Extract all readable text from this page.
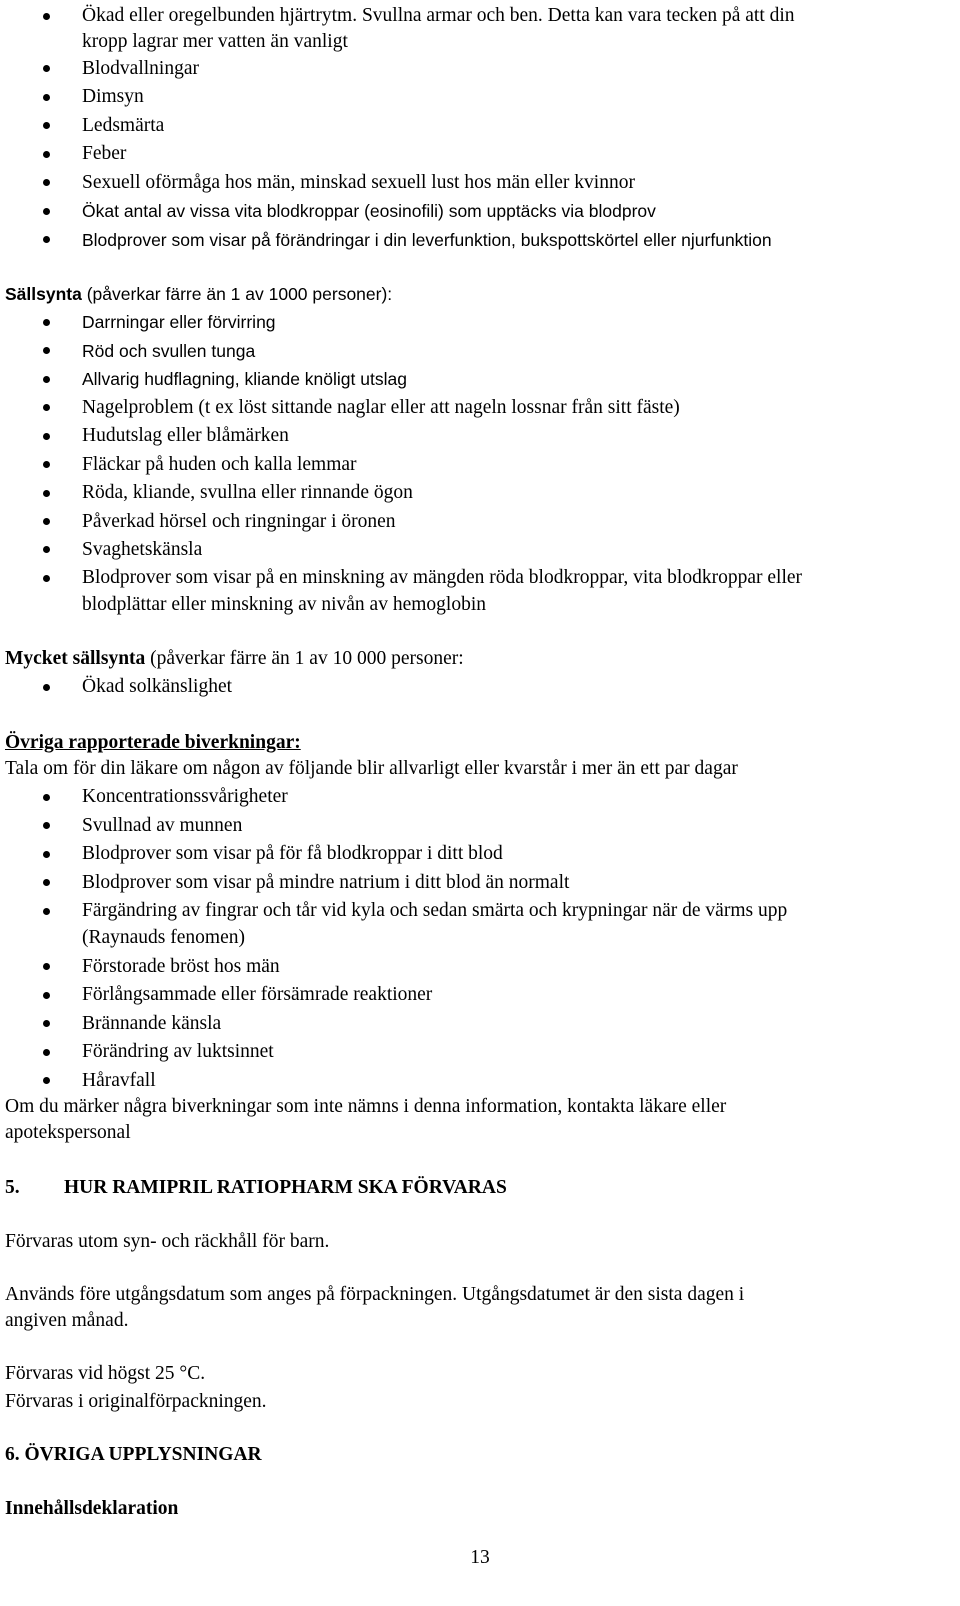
Ökad eller oregelbunden hjärtrytm. Svullna armar och ben. Detta kan vara tecken på att din
kropp lagrar mer vatten än vanligt
Blodvallningar
Dimsyn
Ledsmärta
Feber
Sexuell oförmåga hos män, minskad sexuell lust hos män eller kvinnor
Ökat antal av vissa vita blodkroppar (eosinofili) som upptäcks via blodprov
Blodprover som visar på förändringar i din leverfunktion, bukspottskörtel eller njurfunktion
Sällsynta (påverkar färre än 1 av 1000 personer):
Darrningar eller förvirring
Röd och svullen tunga
Allvarig hudflagning, kliande knöligt utslag
Nagelproblem (t ex löst sittande naglar eller att nageln lossnar från sitt fäste)
Hudutslag eller blåmärken
Fläckar på huden och kalla lemmar
Röda, kliande, svullna eller rinnande ögon
Påverkad hörsel och ringningar i öronen
Svaghetskänsla
Blodprover som visar på en minskning av mängden röda blodkroppar, vita blodkroppar eller
blodplättar eller minskning av nivån av hemoglobin
Mycket sällsynta (påverkar färre än 1 av 10 000 personer:
Ökad solkänslighet
Övriga rapporterade biverkningar:
Tala om för din läkare om någon av följande blir allvarligt eller kvarstår i mer än ett par dagar
Koncentrationssvårigheter
Svullnad av munnen
Blodprover som visar på för få blodkroppar i ditt blod
Blodprover som visar på mindre natrium i ditt blod än normalt
Färgändring av fingrar och tår vid kyla och sedan smärta och krypningar när de värms upp
(Raynauds fenomen)
Förstorade bröst hos män
Förlångsammade eller försämrade reaktioner
Brännande känsla
Förändring av luktsinnet
Håravfall
Om du märker några biverkningar som inte nämns i denna information, kontakta läkare eller
apotekspersonal
5. HUR RAMIPRIL RATIOPHARM SKA FÖRVARAS
Förvaras utom syn- och räckhåll för barn.
Används före utgångsdatum som anges på förpackningen. Utgångsdatumet är den sista dagen i
angiven månad.
Förvaras vid högst 25 °C.
Förvaras i originalförpackningen.
6. ÖVRIGA UPPLYSNINGAR
Innehållsdeklaration
13
